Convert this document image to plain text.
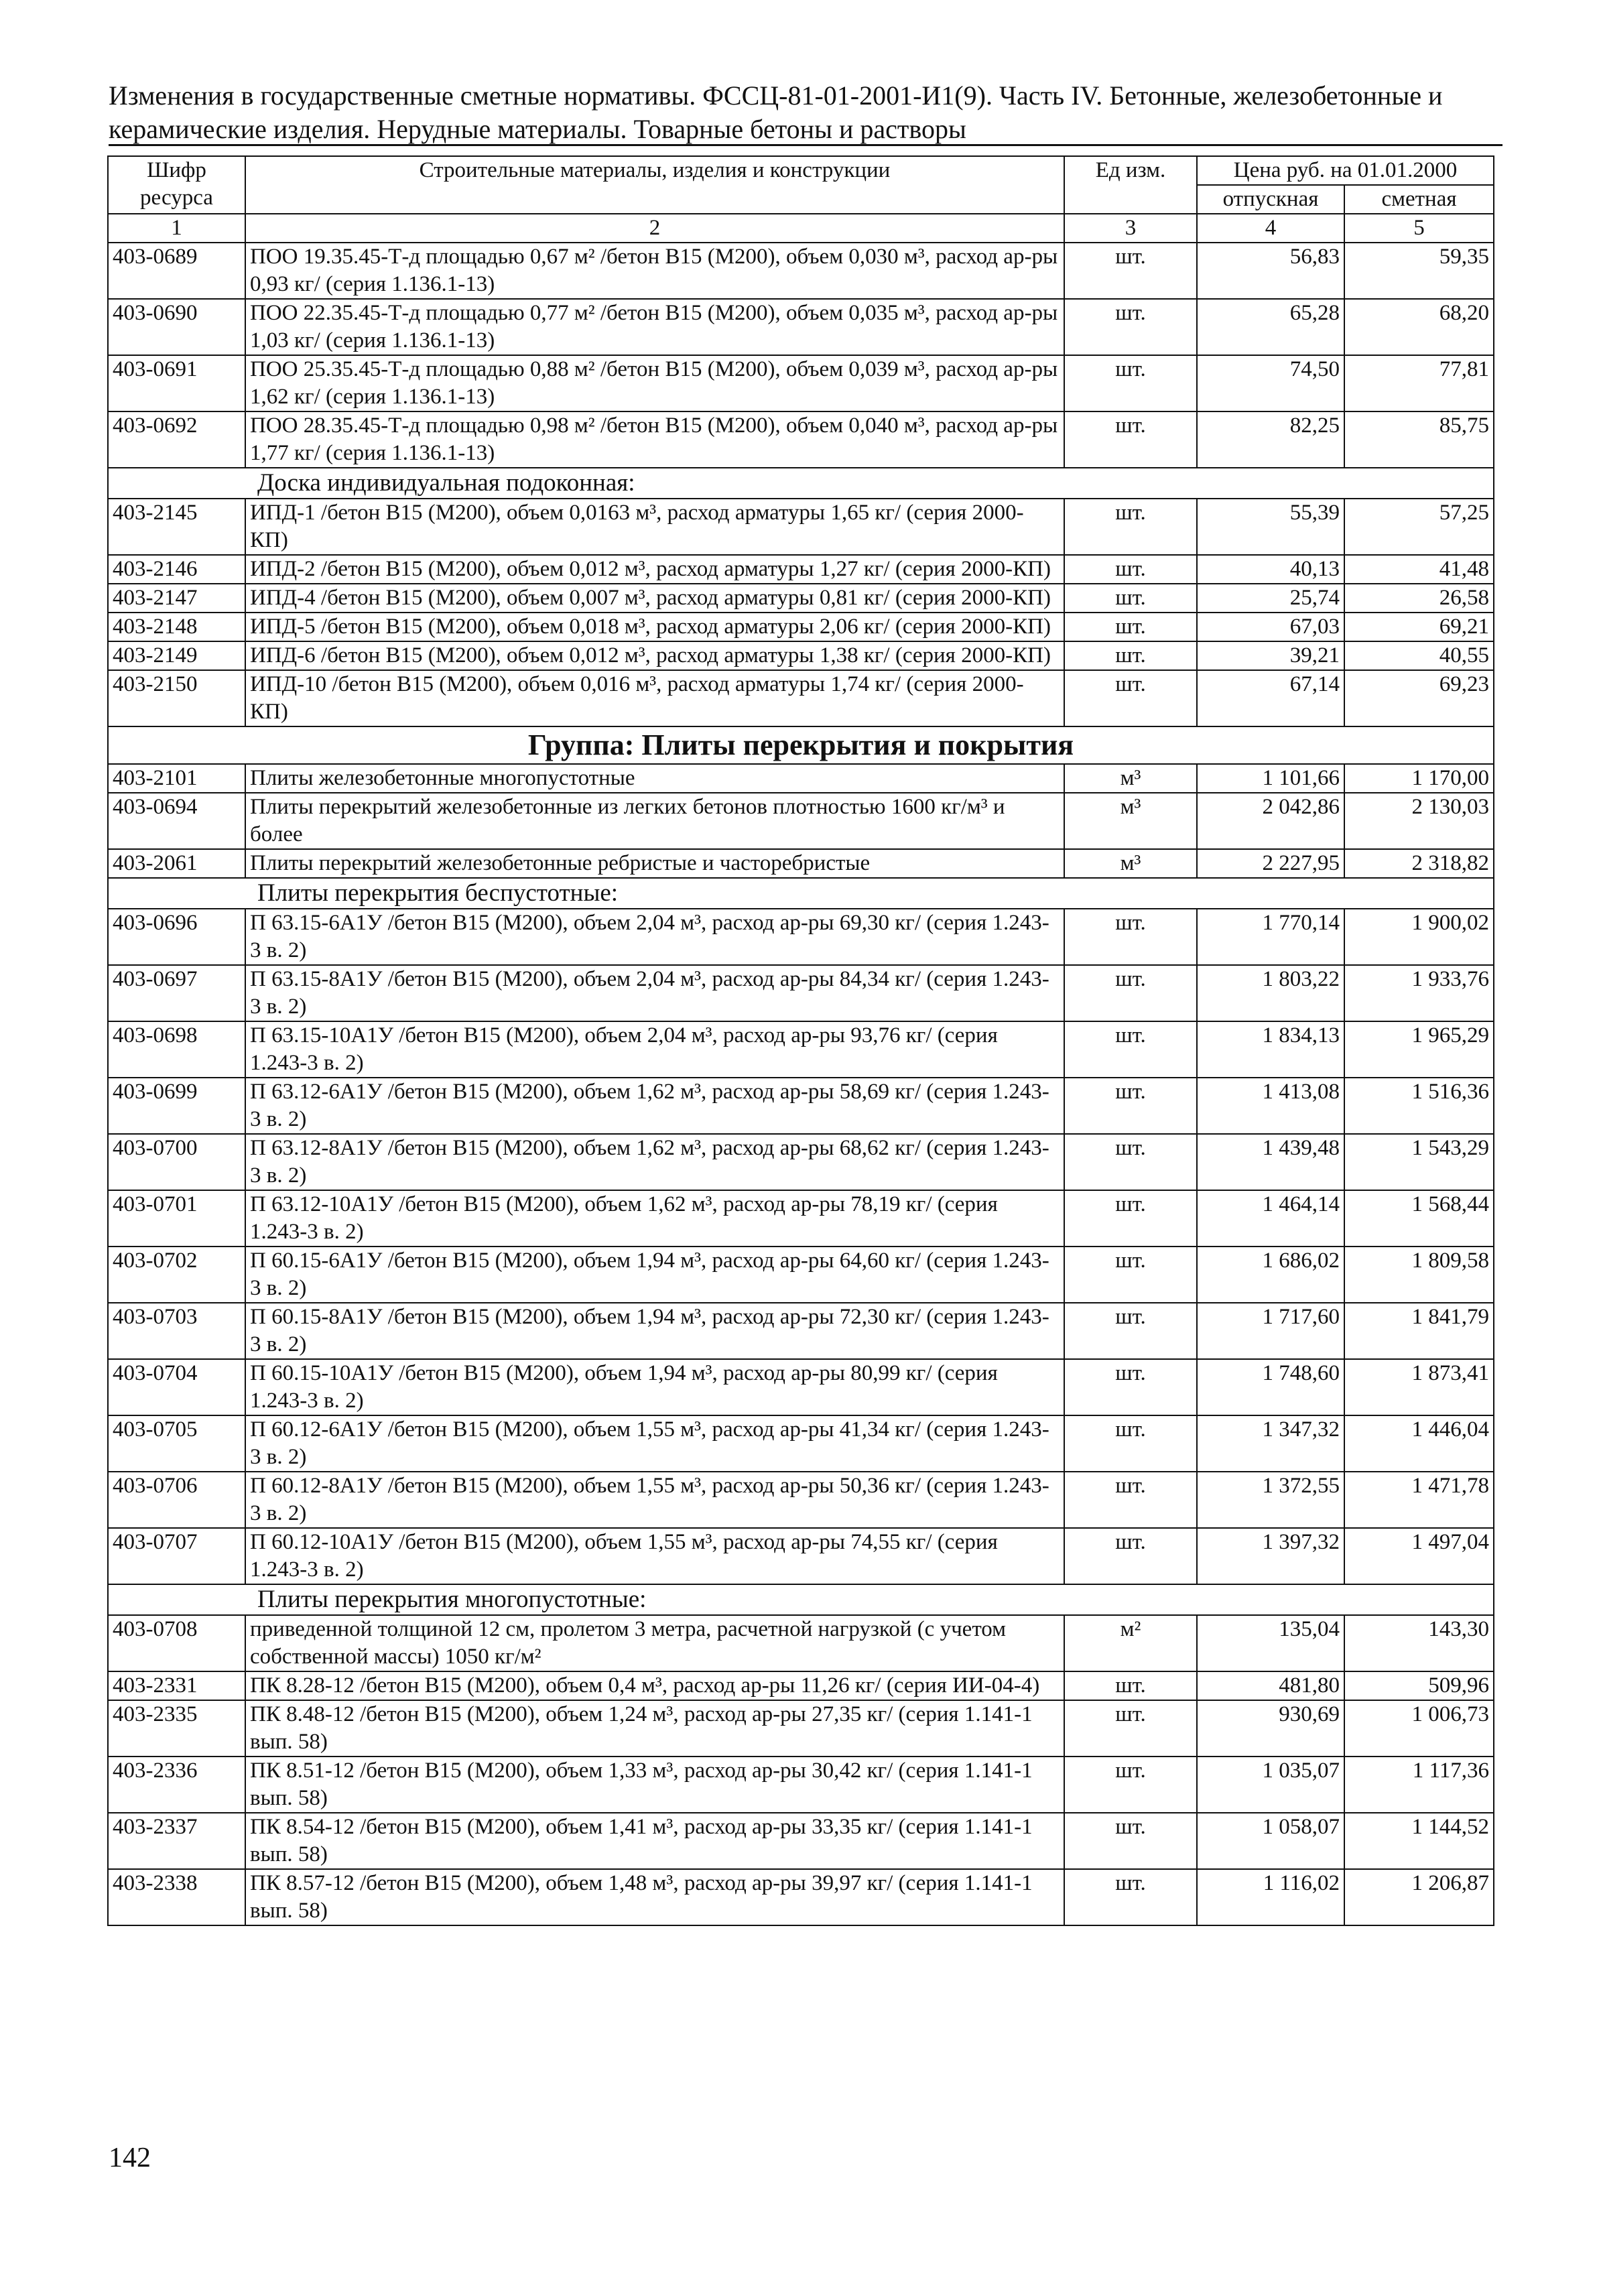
Изменения в государственные сметные нормативы. ФССЦ-81-01-2001-И1(9). Часть IV. Бетонные, железобетонные и керамические изделия. Нерудные материалы. Товарные бетоны и растворы
Шифр ресурса	Строительные материалы, изделия и конструкции	Ед изм.	Цена руб. на 01.01.2000	
			отпускная	сметная
1	2	3	4	5
403-0689	ПОО 19.35.45-Т-д площадью 0,67 м² /бетон В15 (М200), объем 0,030 м³, расход ар-ры 0,93 кг/ (серия 1.136.1-13)	шт.	56,83	59,35
403-0690	ПОО 22.35.45-Т-д площадью 0,77 м² /бетон В15 (М200), объем 0,035 м³, расход ар-ры 1,03 кг/ (серия 1.136.1-13)	шт.	65,28	68,20
403-0691	ПОО 25.35.45-Т-д площадью 0,88 м² /бетон В15 (М200), объем 0,039 м³, расход ар-ры 1,62 кг/ (серия 1.136.1-13)	шт.	74,50	77,81
403-0692	ПОО 28.35.45-Т-д площадью 0,98 м² /бетон В15 (М200), объем 0,040 м³, расход ар-ры 1,77 кг/ (серия 1.136.1-13)	шт.	82,25	85,75
Доска индивидуальная подоконная:				
403-2145	ИПД-1 /бетон В15 (М200), объем 0,0163 м³, расход арматуры 1,65 кг/ (серия 2000-КП)	шт.	55,39	57,25
403-2146	ИПД-2 /бетон В15 (М200), объем 0,012 м³, расход арматуры 1,27 кг/ (серия 2000-КП)	шт.	40,13	41,48
403-2147	ИПД-4 /бетон В15 (М200), объем 0,007 м³, расход арматуры 0,81 кг/ (серия 2000-КП)	шт.	25,74	26,58
403-2148	ИПД-5 /бетон В15 (М200), объем 0,018 м³, расход арматуры 2,06 кг/ (серия 2000-КП)	шт.	67,03	69,21
403-2149	ИПД-6 /бетон В15 (М200), объем 0,012 м³, расход арматуры 1,38 кг/ (серия 2000-КП)	шт.	39,21	40,55
403-2150	ИПД-10 /бетон В15 (М200), объем 0,016 м³, расход арматуры 1,74 кг/ (серия 2000-КП)	шт.	67,14	69,23
Группа: Плиты перекрытия и покрытия				
403-2101	Плиты железобетонные многопустотные	м³	1 101,66	1 170,00
403-0694	Плиты перекрытий железобетонные из легких бетонов плотностью 1600 кг/м³ и более	м³	2 042,86	2 130,03
403-2061	Плиты перекрытий железобетонные ребристые и часторебристые	м³	2 227,95	2 318,82
Плиты перекрытия беспустотные:				
403-0696	П 63.15-6А1У /бетон В15 (М200), объем 2,04 м³, расход ар-ры 69,30 кг/ (серия 1.243-3 в. 2)	шт.	1 770,14	1 900,02
403-0697	П 63.15-8А1У /бетон В15 (М200), объем 2,04 м³, расход ар-ры 84,34 кг/ (серия 1.243-3 в. 2)	шт.	1 803,22	1 933,76
403-0698	П 63.15-10А1У /бетон В15 (М200), объем 2,04 м³, расход ар-ры 93,76 кг/ (серия 1.243-3 в. 2)	шт.	1 834,13	1 965,29
403-0699	П 63.12-6А1У /бетон В15 (М200), объем 1,62 м³, расход ар-ры 58,69 кг/ (серия 1.243-3 в. 2)	шт.	1 413,08	1 516,36
403-0700	П 63.12-8А1У /бетон В15 (М200), объем 1,62 м³, расход ар-ры 68,62 кг/ (серия 1.243-3 в. 2)	шт.	1 439,48	1 543,29
403-0701	П 63.12-10А1У /бетон В15 (М200), объем 1,62 м³, расход ар-ры 78,19 кг/ (серия 1.243-3 в. 2)	шт.	1 464,14	1 568,44
403-0702	П 60.15-6А1У /бетон В15 (М200), объем 1,94 м³, расход ар-ры 64,60 кг/ (серия 1.243-3 в. 2)	шт.	1 686,02	1 809,58
403-0703	П 60.15-8А1У /бетон В15 (М200), объем 1,94 м³, расход ар-ры 72,30 кг/ (серия 1.243-3 в. 2)	шт.	1 717,60	1 841,79
403-0704	П 60.15-10А1У /бетон В15 (М200), объем 1,94 м³, расход ар-ры 80,99 кг/ (серия 1.243-3 в. 2)	шт.	1 748,60	1 873,41
403-0705	П 60.12-6А1У /бетон В15 (М200), объем 1,55 м³, расход ар-ры 41,34 кг/ (серия 1.243-3 в. 2)	шт.	1 347,32	1 446,04
403-0706	П 60.12-8А1У /бетон В15 (М200), объем 1,55 м³, расход ар-ры 50,36 кг/ (серия 1.243-3 в. 2)	шт.	1 372,55	1 471,78
403-0707	П 60.12-10А1У /бетон В15 (М200), объем 1,55 м³, расход ар-ры 74,55 кг/ (серия 1.243-3 в. 2)	шт.	1 397,32	1 497,04
Плиты перекрытия многопустотные:				
403-0708	приведенной толщиной 12 см, пролетом 3 метра, расчетной нагрузкой (с учетом собственной массы) 1050 кг/м²	м²	135,04	143,30
403-2331	ПК 8.28-12 /бетон В15 (М200), объем 0,4 м³, расход ар-ры 11,26 кг/ (серия ИИ-04-4)	шт.	481,80	509,96
403-2335	ПК 8.48-12 /бетон В15 (М200), объем 1,24 м³, расход ар-ры 27,35 кг/ (серия 1.141-1 вып. 58)	шт.	930,69	1 006,73
403-2336	ПК 8.51-12 /бетон В15 (М200), объем 1,33 м³, расход ар-ры 30,42 кг/ (серия 1.141-1 вып. 58)	шт.	1 035,07	1 117,36
403-2337	ПК 8.54-12 /бетон В15 (М200), объем 1,41 м³, расход ар-ры 33,35 кг/ (серия 1.141-1 вып. 58)	шт.	1 058,07	1 144,52
403-2338	ПК 8.57-12 /бетон В15 (М200), объем 1,48 м³, расход ар-ры 39,97 кг/ (серия 1.141-1 вып. 58)	шт.	1 116,02	1 206,87
142
